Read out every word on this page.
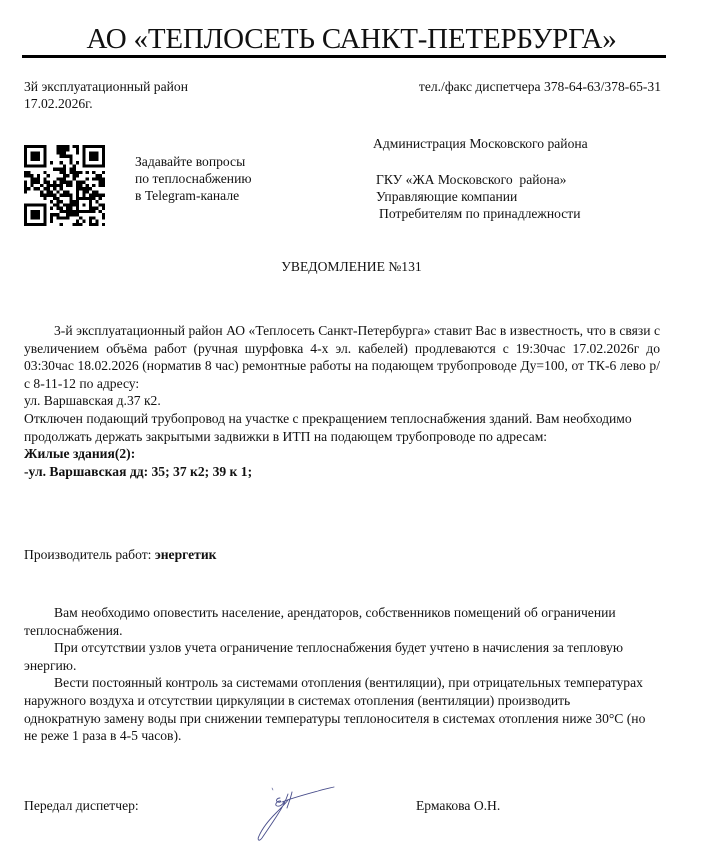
АО «ТЕПЛОСЕТЬ САНКТ-ПЕТЕРБУРГА»
3й эксплуатационный район
17.02.2026г.
тел./факс диспетчера 378-64-63/378-65-31
Задавайте вопросы
по теплоснабжению
в Telegram-канале
Администрация Московского района
ГКУ «ЖА Московского  района»
Управляющие компании
Потребителям по принадлежности
УВЕДОМЛЕНИЕ №131
3-й эксплуатационный район АО «Теплосеть Санкт-Петербурга» ставит Вас в известность, что в связи с увеличением объёма работ (ручная шурфовка 4-х эл. кабелей) продлеваются с 19:30час 17.02.2026г до 03:30час 18.02.2026 (норматив 8 час) ремонтные работы на подающем трубопроводе Ду=100, от ТК-6 лево р/с 8-11-12 по адресу:
ул. Варшавская д.37 к2.
Отключен подающий трубопровод на участке с прекращением теплоснабжения зданий. Вам необходимо продолжать держать закрытыми задвижки в ИТП на подающем трубопроводе по адресам:
Жилые здания(2):
-ул. Варшавская дд: 35; 37 к2; 39 к 1;
Производитель работ: энергетик
Вам необходимо оповестить население, арендаторов, собственников помещений об ограничении теплоснабжения.
При отсутствии узлов учета ограничение теплоснабжения будет учтено в начисления за тепловую энергию.
Вести постоянный контроль за системами отопления (вентиляции), при отрицательных температурах наружного воздуха и отсутствии циркуляции в системах отопления (вентиляции) производить однократную замену воды при снижении температуры теплоносителя в системах отопления ниже 30°С (но не реже 1 раза в 4-5 часов).
Передал диспетчер:	Ермакова О.Н.
